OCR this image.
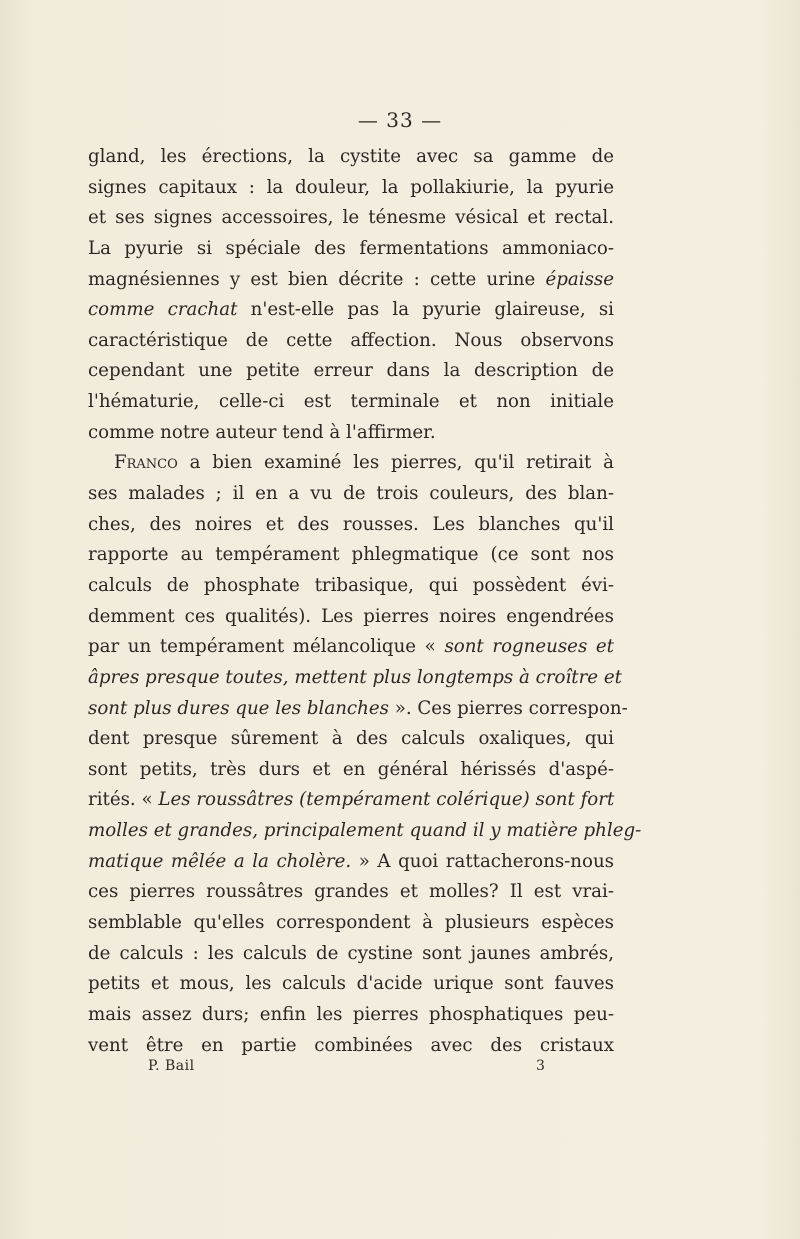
— 33 —
gland, les érections, la cystite avec sa gamme de
signes capitaux : la douleur, la pollakiurie, la pyurie
et ses signes accessoires, le ténesme vésical et rectal.
La pyurie si spéciale des fermentations ammoniaco-
magnésiennes y est bien décrite : cette urine épaisse
comme crachat n'est-elle pas la pyurie glaireuse, si
caractéristique de cette affection. Nous observons
cependant une petite erreur dans la description de
l'hématurie, celle-ci est terminale et non initiale
comme notre auteur tend à l'affirmer.
Franco a bien examiné les pierres, qu'il retirait à
ses malades ; il en a vu de trois couleurs, des blan-
ches, des noires et des rousses. Les blanches qu'il
rapporte au tempérament phlegmatique (ce sont nos
calculs de phosphate tribasique, qui possèdent évi-
demment ces qualités). Les pierres noires engendrées
par un tempérament mélancolique « sont rogneuses et
âpres presque toutes, mettent plus longtemps à croître et
sont plus dures que les blanches ». Ces pierres correspon-
dent presque sûrement à des calculs oxaliques, qui
sont petits, très durs et en général hérissés d'aspé-
rités. « Les roussâtres (tempérament colérique) sont fort
molles et grandes, principalement quand il y matière phleg-
matique mêlée a la cholère. » A quoi rattacherons-nous
ces pierres roussâtres grandes et molles? Il est vrai-
semblable qu'elles correspondent à plusieurs espèces
de calculs : les calculs de cystine sont jaunes ambrés,
petits et mous, les calculs d'acide urique sont fauves
mais assez durs; enfin les pierres phosphatiques peu-
vent être en partie combinées avec des cristaux
P. Bail	3
